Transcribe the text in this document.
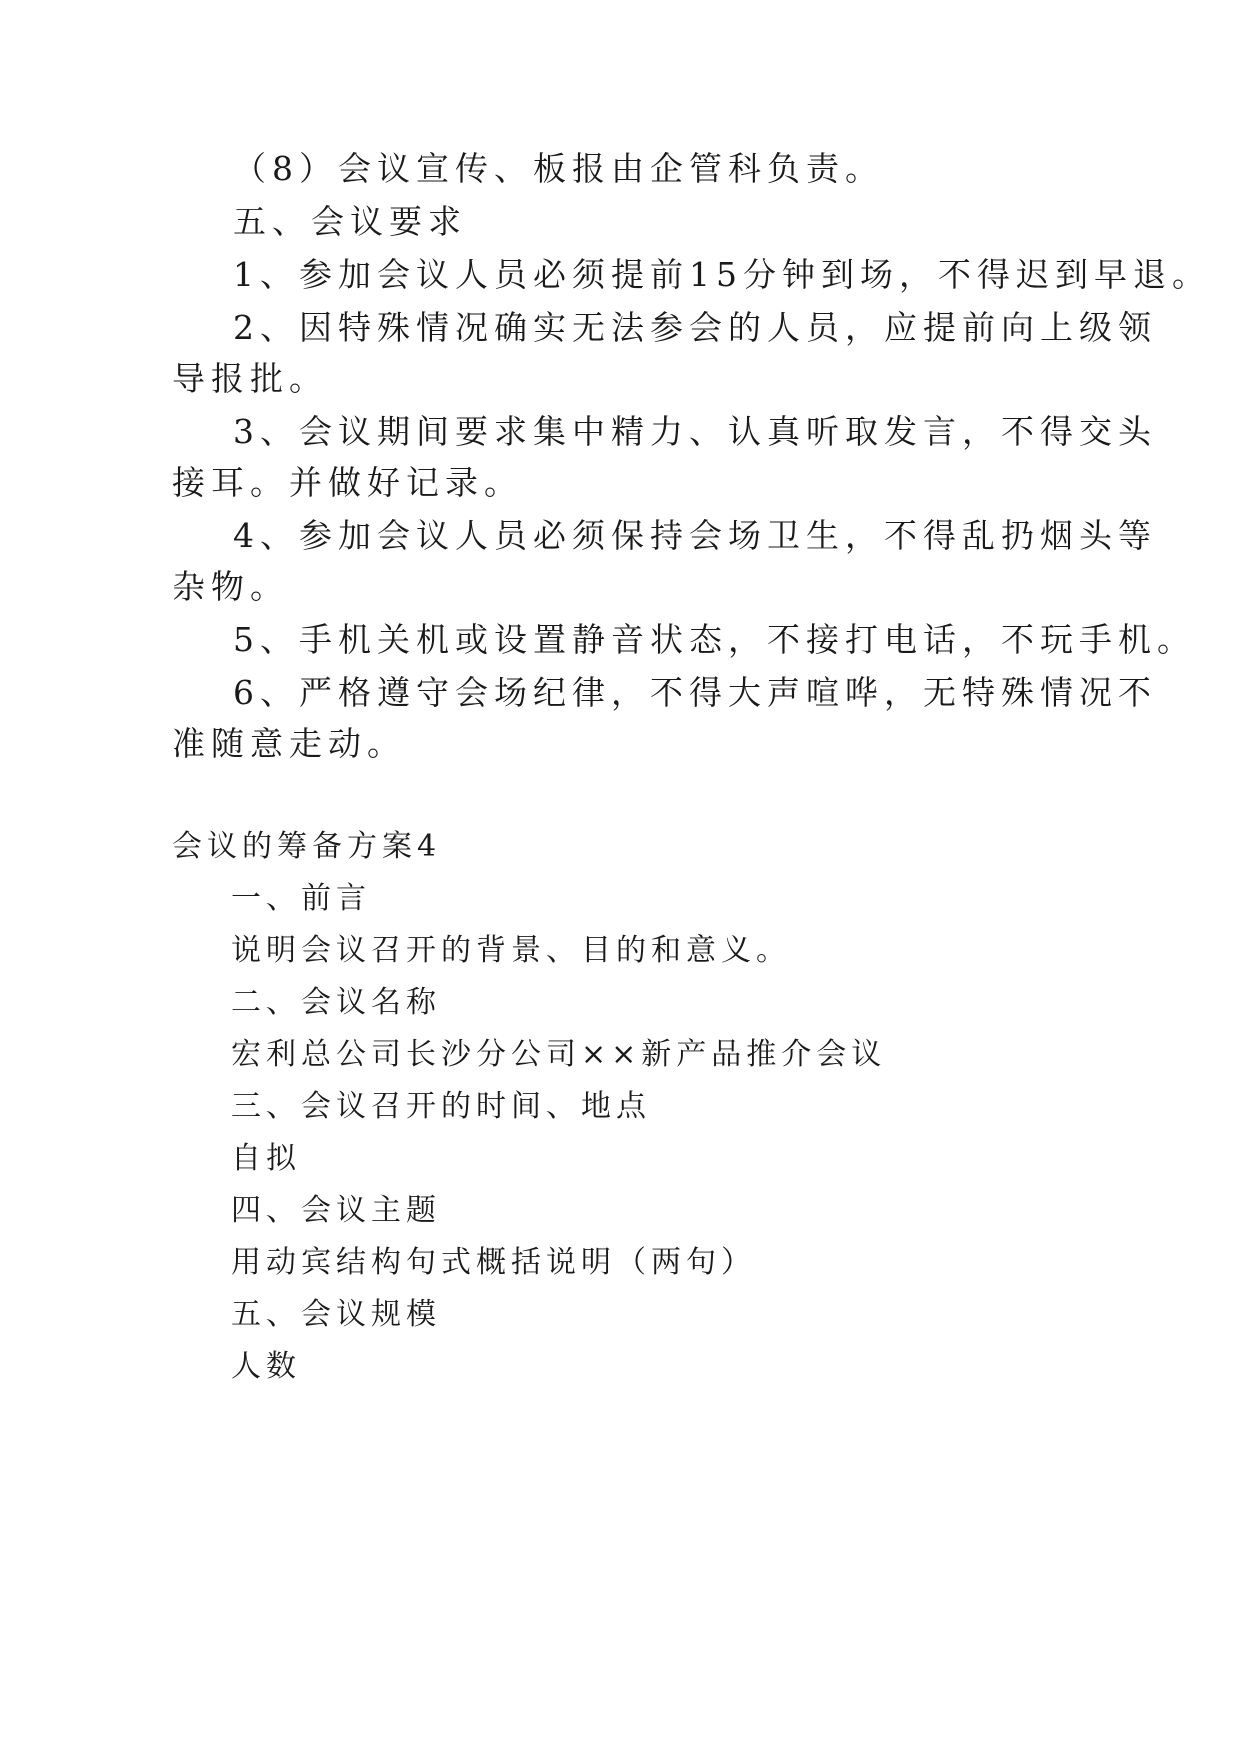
（8）会议宣传、板报由企管科负责。

五、会议要求

1、参加会议人员必须提前15分钟到场，不得迟到早退。

2、因特殊情况确实无法参会的人员，应提前向上级领

导报批。

3、会议期间要求集中精力、认真听取发言，不得交头

接耳。并做好记录。

4、参加会议人员必须保持会场卫生，不得乱扔烟头等

杂物。

5、手机关机或设置静音状态，不接打电话，不玩手机。

6、严格遵守会场纪律，不得大声喧哗，无特殊情况不

准随意走动。

会议的筹备方案4

一、前言

说明会议召开的背景、目的和意义。

二、会议名称

宏利总公司长沙分公司××新产品推介会议

三、会议召开的时间、地点

自拟

四、会议主题

用动宾结构句式概括说明（两句）

五、会议规模

人数
